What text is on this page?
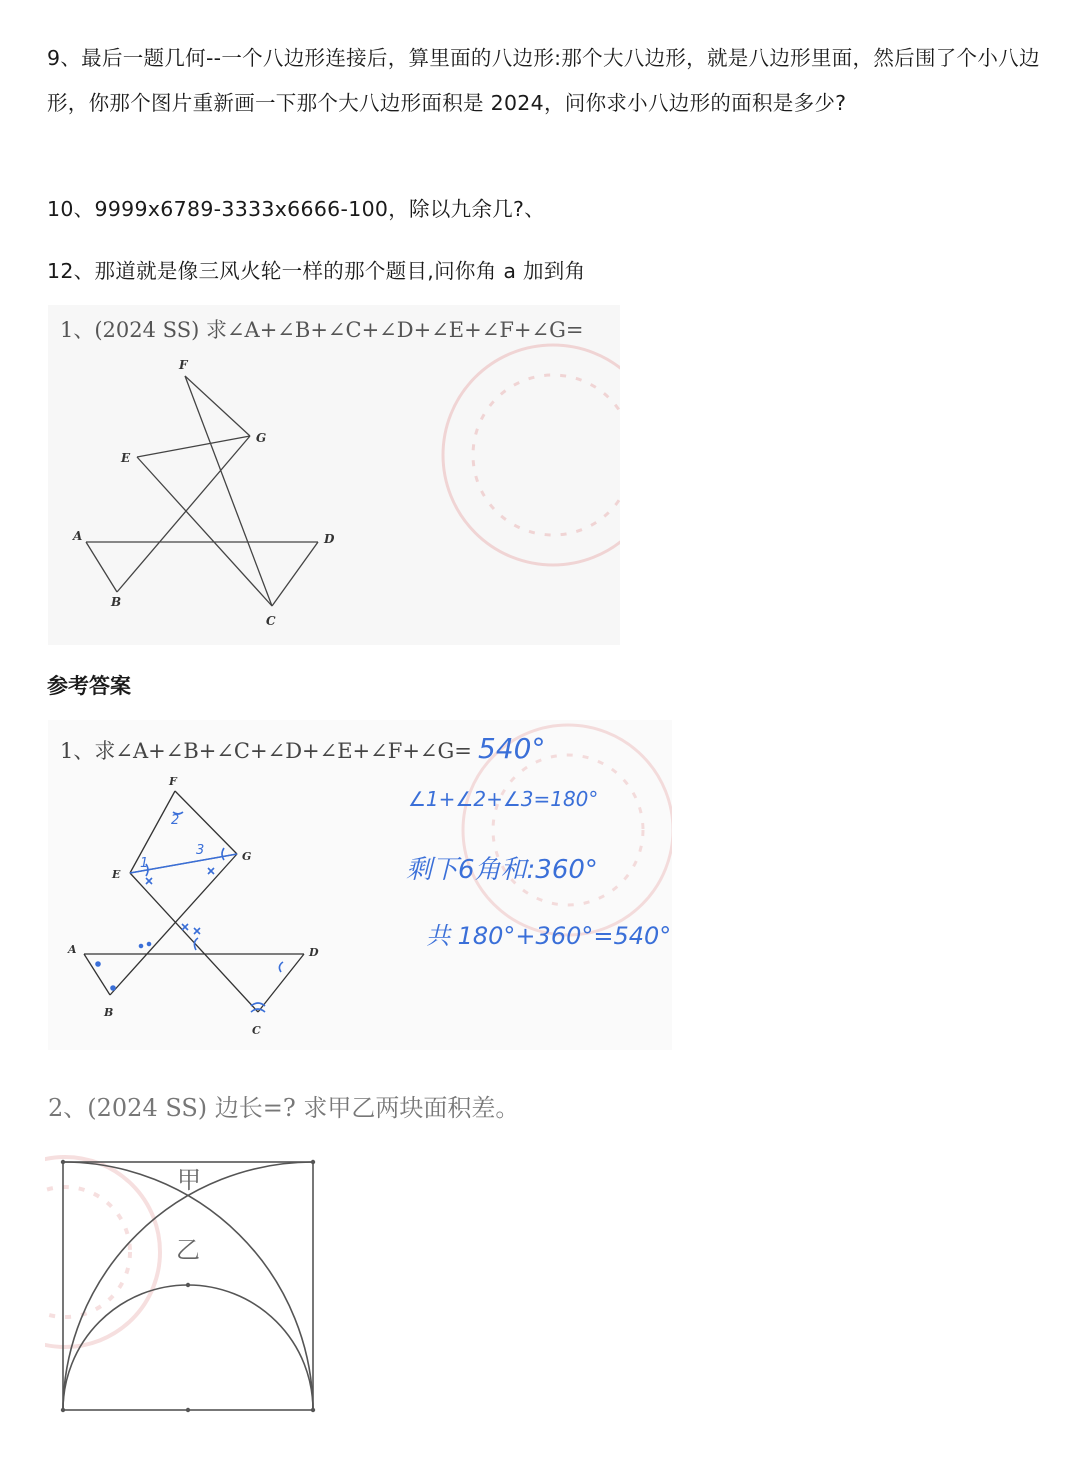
9、最后一题几何--一个八边形连接后，算里面的八边形:那个大八边形，就是八边形里面，然后围了个小八边形，你那个图片重新画一下那个大八边形面积是 2024，问你求小八边形的面积是多少?

10、9999x6789-3333x6666-100，除以九余几?、

12、那道就是像三风火轮一样的那个题目,问你角 a 加到角

1、(2024 SS) 求∠A+∠B+∠C+∠D+∠E+∠F+∠G=
F
G
E
A	D
B
C

参考答案

1、求∠A+∠B+∠C+∠D+∠E+∠F+∠G= 540°
1
2
3
F
G
E
A	D
B
C
∠1+∠2+∠3=180°
剩下6角和:360°
共 180°+360°=540°
2、(2024 SS) 边长=? 求甲乙两块面积差。
甲
乙
